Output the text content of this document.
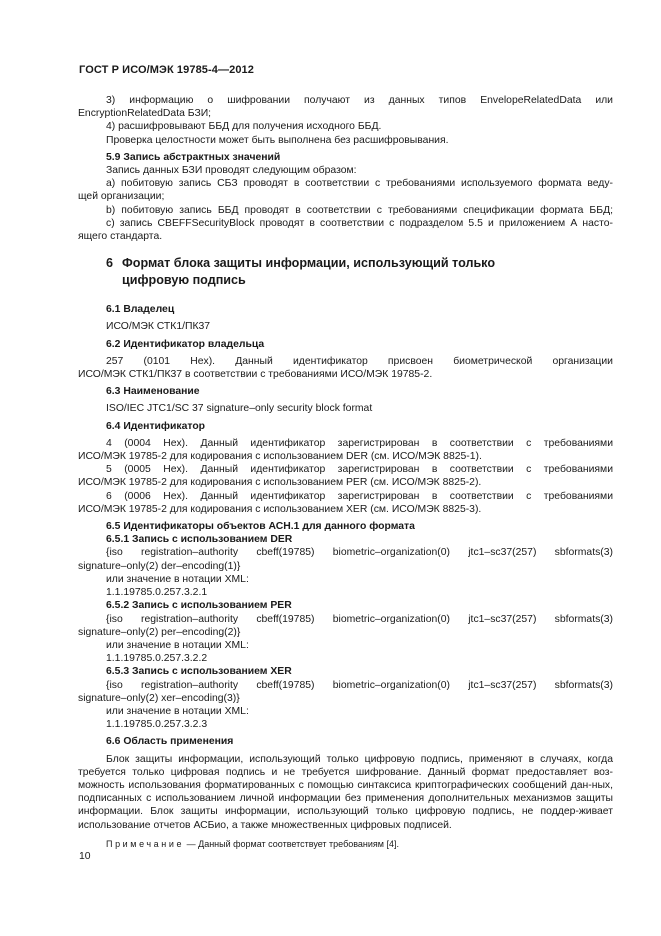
ГОСТ Р ИСО/МЭК 19785-4—2012

3) информацию о шифровании получают из данных типов EnvelopeRelatedData или

EncryptionRelatedData БЗИ;

4) расшифровывают ББД для получения исходного ББД.

Проверка целостности может быть выполнена без расшифровывания.

5.9 Запись абстрактных значений

Запись данных БЗИ проводят следующим образом:

a) побитовую запись СБЗ проводят в соответствии с требованиями используемого формата веду-

щей организации;

b) побитовую запись ББД проводят в соответствии с требованиями спецификации формата ББД;

c) запись CBEFFSecurityBlock проводят в соответствии с подразделом 5.5 и приложением А насто-

ящего стандарта.

6 Формат блока защиты информации, использующий только
цифровую подпись

6.1 Владелец

ИСО/МЭК СТК1/ПК37

6.2 Идентификатор владельца

257 (0101 Hex). Данный идентификатор присвоен биометрической организации

ИСО/МЭК СТК1/ПК37 в соответствии с требованиями ИСО/МЭК 19785-2.

6.3 Наименование

ISO/IEC JTC1/SC 37 signature–only security block format

6.4 Идентификатор

4 (0004 Hex). Данный идентификатор зарегистрирован в соответствии с требованиями

ИСО/МЭК 19785-2 для кодирования с использованием DER (см. ИСО/МЭК 8825-1).

5 (0005 Hex). Данный идентификатор зарегистрирован в соответствии с требованиями

ИСО/МЭК 19785-2 для кодирования с использованием PER (см. ИСО/МЭК 8825-2).

6 (0006 Hex). Данный идентификатор зарегистрирован в соответствии с требованиями

ИСО/МЭК 19785-2 для кодирования с использованием XER (см. ИСО/МЭК 8825-3).

6.5 Идентификаторы объектов АСН.1 для данного формата

6.5.1 Запись с использованием DER

{iso registration–authority cbeff(19785) biometric–organization(0) jtc1–sc37(257) sbformats(3)

signature–only(2) der–encoding(1)}

или значение в нотации XML:

1.1.19785.0.257.3.2.1

6.5.2 Запись с использованием PER

{iso registration–authority cbeff(19785) biometric–organization(0) jtc1–sc37(257) sbformats(3)

signature–only(2) per–encoding(2)}

или значение в нотации XML:

1.1.19785.0.257.3.2.2

6.5.3 Запись с использованием XER

{iso registration–authority cbeff(19785) biometric–organization(0) jtc1–sc37(257) sbformats(3)

signature–only(2) xer–encoding(3)}

или значение в нотации XML:

1.1.19785.0.257.3.2.3

6.6 Область применения

Блок защиты информации, использующий только цифровую подпись, применяют в случаях, когда требуется только цифровая подпись и не требуется шифрование. Данный формат предоставляет воз-можность использования форматированных с помощью синтаксиса криптографических сообщений дан-ных, подписанных с использованием личной информации без применения дополнительных механизмов защиты информации. Блок защиты информации, использующий только цифровую подпись, не поддер-живает использование отчетов АСБио, а также множественных цифровых подписей.

Примечание — Данный формат соответствует требованиям [4].

10
